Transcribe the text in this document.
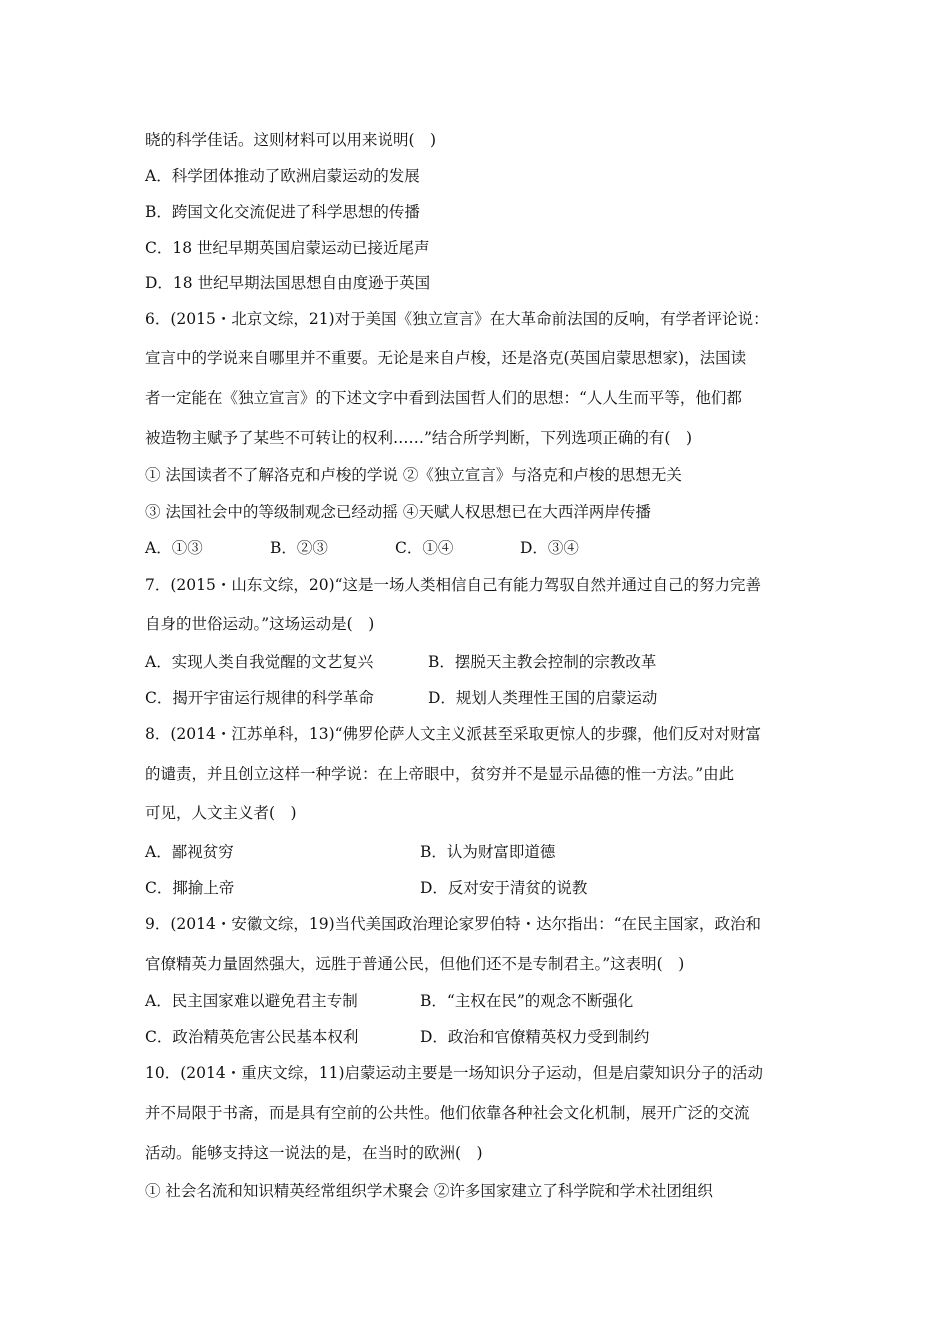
晓的科学佳话。这则材料可以用来说明(　)
A．科学团体推动了欧洲启蒙运动的发展
B．跨国文化交流促进了科学思想的传播
C．18 世纪早期英国启蒙运动已接近尾声
D．18 世纪早期法国思想自由度逊于英国
6．(2015・北京文综，21)对于美国《独立宣言》在大革命前法国的反响，有学者评论说：
宣言中的学说来自哪里并不重要。无论是来自卢梭，还是洛克(英国启蒙思想家)，法国读
者一定能在《独立宣言》的下述文字中看到法国哲人们的思想：“人人生而平等，他们都
被造物主赋予了某些不可转让的权利……”结合所学判断，下列选项正确的有(　)
① 法国读者不了解洛克和卢梭的学说 ②《独立宣言》与洛克和卢梭的思想无关
③ 法国社会中的等级制观念已经动摇 ④天赋人权思想已在大西洋两岸传播
A．①③	B．②③	C．①④	D．③④
7．(2015・山东文综，20)“这是一场人类相信自己有能力驾驭自然并通过自己的努力完善
自身的世俗运动。”这场运动是(　)
A．实现人类自我觉醒的文艺复兴	B．摆脱天主教会控制的宗教改革
C．揭开宇宙运行规律的科学革命	D．规划人类理性王国的启蒙运动
8．(2014・江苏单科，13)“佛罗伦萨人文主义派甚至采取更惊人的步骤，他们反对对财富
的谴责，并且创立这样一种学说：在上帝眼中，贫穷并不是显示品德的惟一方法。”由此
可见，人文主义者(　)
A．鄙视贫穷	B．认为财富即道德
C．揶揄上帝	D．反对安于清贫的说教
9．(2014・安徽文综，19)当代美国政治理论家罗伯特・达尔指出：“在民主国家，政治和
官僚精英力量固然强大，远胜于普通公民，但他们还不是专制君主。”这表明(　)
A．民主国家难以避免君主专制	B．“主权在民”的观念不断强化
C．政治精英危害公民基本权利	D．政治和官僚精英权力受到制约
10．(2014・重庆文综，11)启蒙运动主要是一场知识分子运动，但是启蒙知识分子的活动
并不局限于书斋，而是具有空前的公共性。他们依靠各种社会文化机制，展开广泛的交流
活动。能够支持这一说法的是，在当时的欧洲(　)
① 社会名流和知识精英经常组织学术聚会 ②许多国家建立了科学院和学术社团组织
